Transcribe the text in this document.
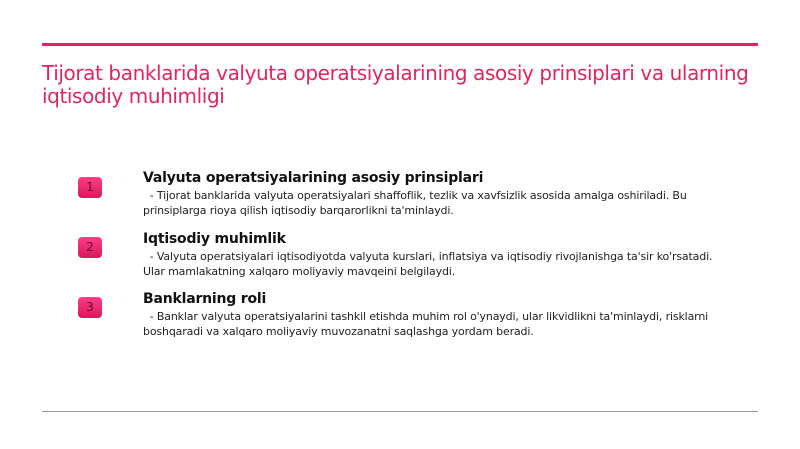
Tijorat banklarida valyuta operatsiyalarining asosiy prinsiplari va ularning iqtisodiy muhimligi
1
Valyuta operatsiyalarining asosiy prinsiplari
- Tijorat banklarida valyuta operatsiyalari shaffoflik, tezlik va xavfsizlik asosida amalga oshiriladi. Bu prinsiplarga rioya qilish iqtisodiy barqarorlikni ta'minlaydi.
2	Iqtisodiy muhimlik
- Valyuta operatsiyalari iqtisodiyotda valyuta kurslari, inflatsiya va iqtisodiy rivojlanishga ta'sir ko'rsatadi. Ular mamlakatning xalqaro moliyaviy mavqeini belgilaydi.
3	Banklarning roli
- Banklar valyuta operatsiyalarini tashkil etishda muhim rol o'ynaydi, ular likvidlikni ta'minlaydi, risklarni boshqaradi va xalqaro moliyaviy muvozanatni saqlashga yordam beradi.
